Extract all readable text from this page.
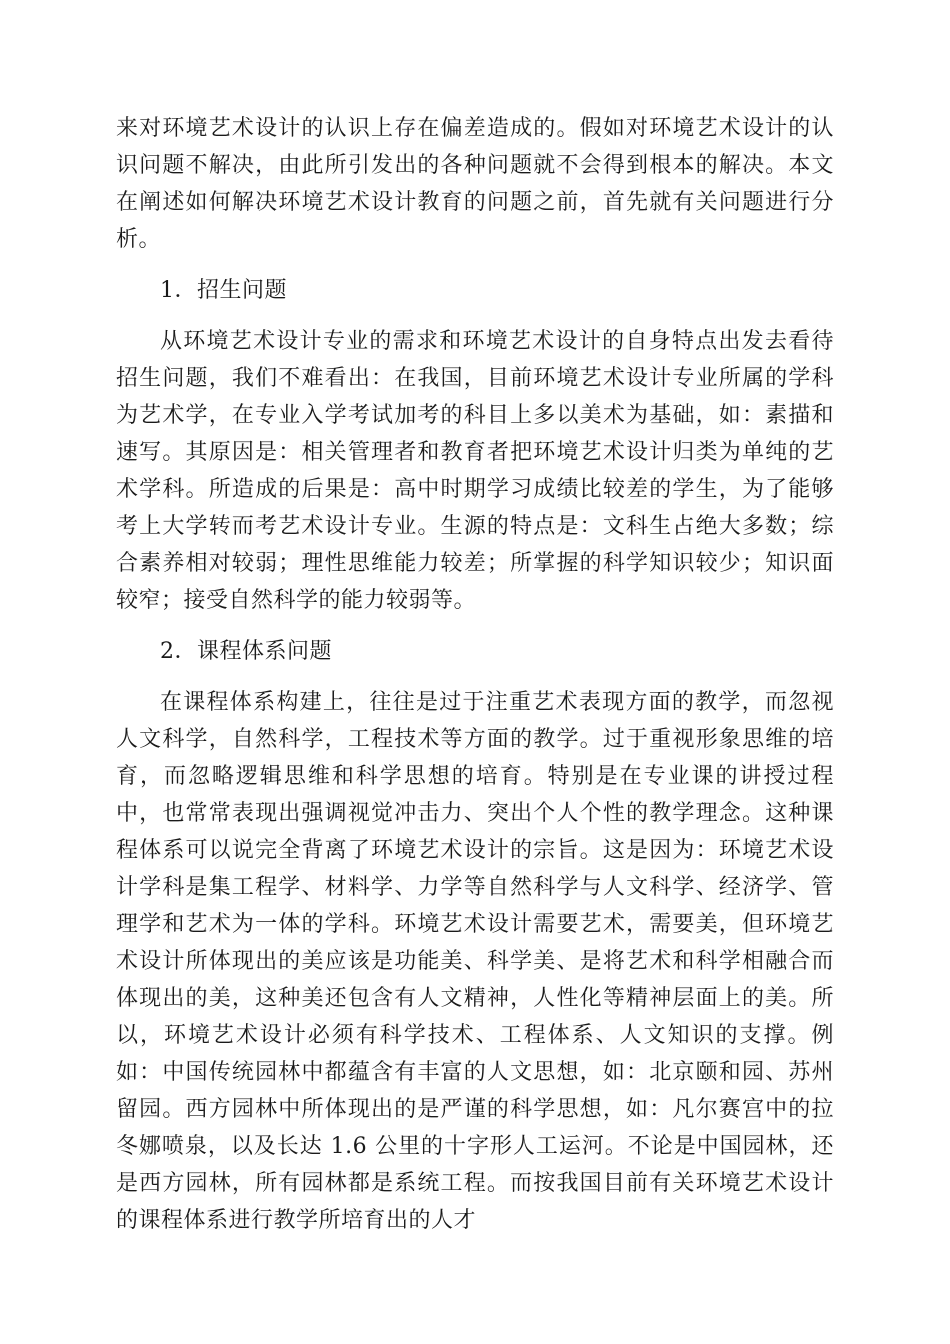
来对环境艺术设计的认识上存在偏差造成的。假如对环境艺术设计的认识问题不解决，由此所引发出的各种问题就不会得到根本的解决。本文在阐述如何解决环境艺术设计教育的问题之前，首先就有关问题进行分析。

1．招生问题

从环境艺术设计专业的需求和环境艺术设计的自身特点出发去看待招生问题，我们不难看出：在我国，目前环境艺术设计专业所属的学科为艺术学，在专业入学考试加考的科目上多以美术为基础，如：素描和速写。其原因是：相关管理者和教育者把环境艺术设计归类为单纯的艺术学科。所造成的后果是：高中时期学习成绩比较差的学生，为了能够考上大学转而考艺术设计专业。生源的特点是：文科生占绝大多数；综合素养相对较弱；理性思维能力较差；所掌握的科学知识较少；知识面较窄；接受自然科学的能力较弱等。

2．课程体系问题

在课程体系构建上，往往是过于注重艺术表现方面的教学，而忽视人文科学，自然科学，工程技术等方面的教学。过于重视形象思维的培育，而忽略逻辑思维和科学思想的培育。特别是在专业课的讲授过程中，也常常表现出强调视觉冲击力、突出个人个性的教学理念。这种课程体系可以说完全背离了环境艺术设计的宗旨。这是因为：环境艺术设计学科是集工程学、材料学、力学等自然科学与人文科学、经济学、管理学和艺术为一体的学科。环境艺术设计需要艺术，需要美，但环境艺术设计所体现出的美应该是功能美、科学美、是将艺术和科学相融合而体现出的美，这种美还包含有人文精神，人性化等精神层面上的美。所以，环境艺术设计必须有科学技术、工程体系、人文知识的支撑。例如：中国传统园林中都蕴含有丰富的人文思想，如：北京颐和园、苏州留园。西方园林中所体现出的是严谨的科学思想，如：凡尔赛宫中的拉冬娜喷泉，以及长达 1.6 公里的十字形人工运河。不论是中国园林，还是西方园林，所有园林都是系统工程。而按我国目前有关环境艺术设计的课程体系进行教学所培育出的人才
